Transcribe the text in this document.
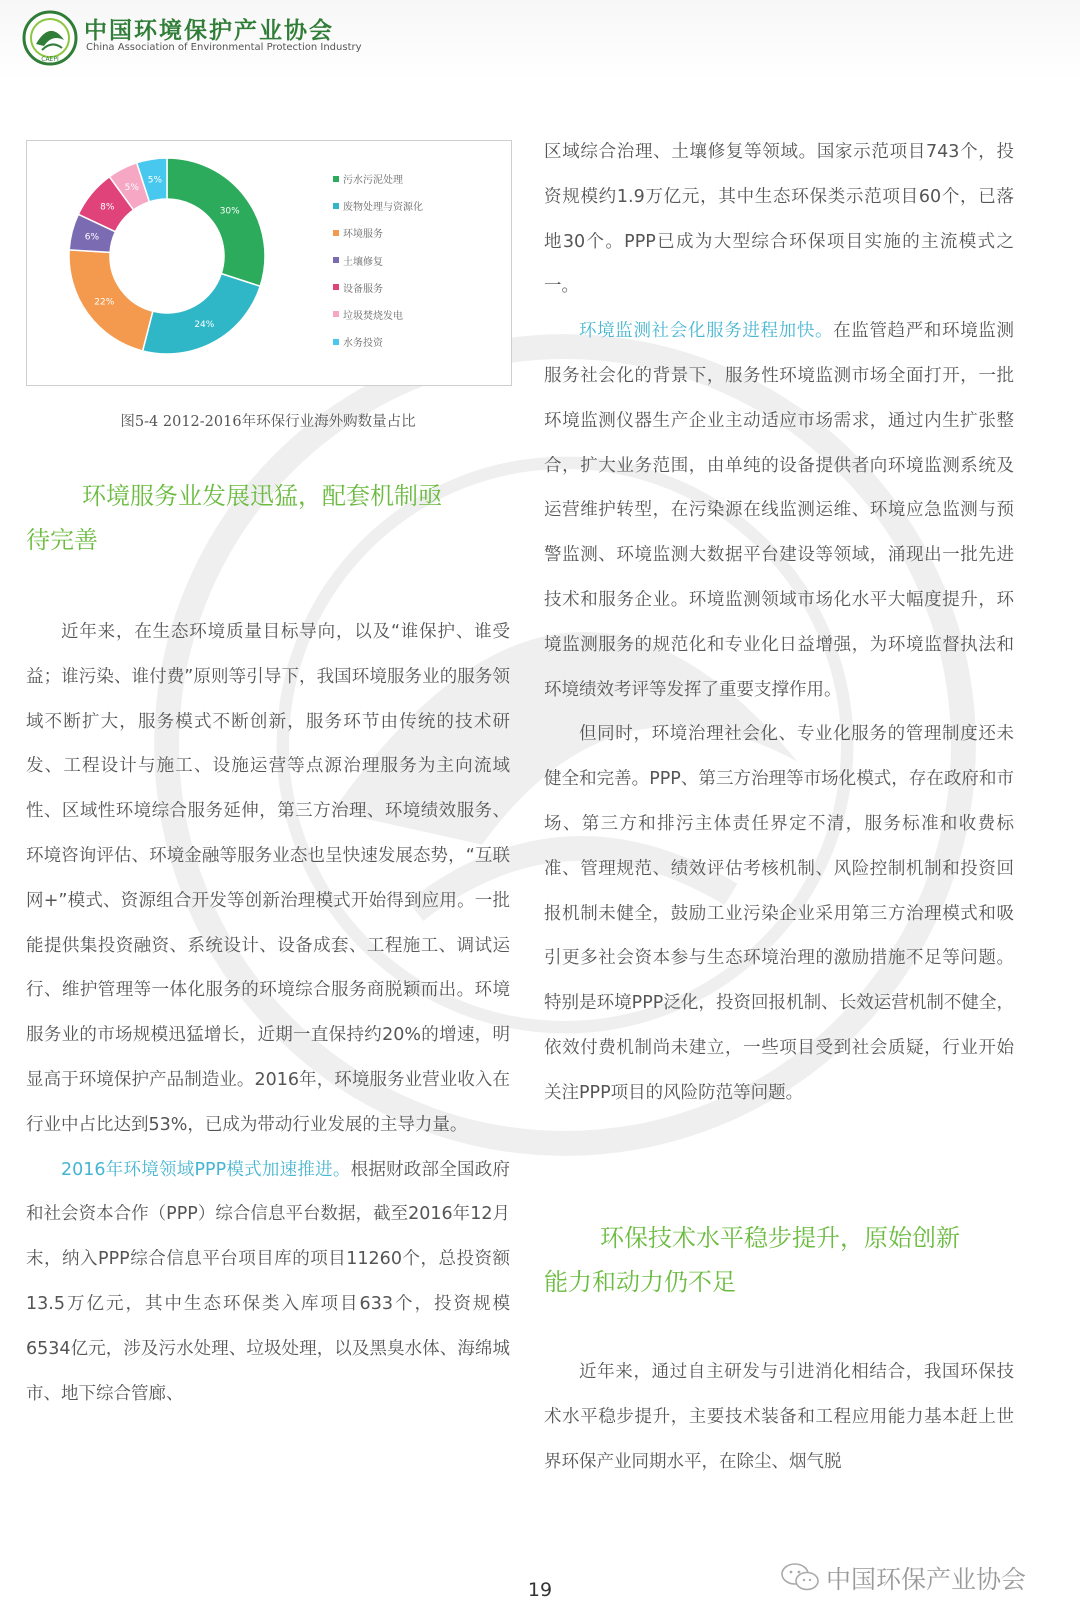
CAEPI
中国环境保护产业协会
China Association of Environmental Protection Industry
30%
24%
22%
6%
8%
5%
5%	污水污泥处理
废物处理与资源化
环境服务
土壤修复
设备服务
垃圾焚烧发电
水务投资
图5-4 2012-2016年环保行业海外购数量占比
环境服务业发展迅猛，配套机制亟
待完善

近年来，在生态环境质量目标导向，以及“谁保护、谁受益；谁污染、谁付费”原则等引导下，我国环境服务业的服务领域不断扩大，服务模式不断创新，服务环节由传统的技术研发、工程设计与施工、设施运营等点源治理服务为主向流域性、区域性环境综合服务延伸，第三方治理、环境绩效服务、环境咨询评估、环境金融等服务业态也呈快速发展态势，“互联网+”模式、资源组合开发等创新治理模式开始得到应用。一批能提供集投资融资、系统设计、设备成套、工程施工、调试运行、维护管理等一体化服务的环境综合服务商脱颖而出。环境服务业的市场规模迅猛增长，近期一直保持约20%的增速，明显高于环境保护产品制造业。2016年，环境服务业营业收入在行业中占比达到53%，已成为带动行业发展的主导力量。

2016年环境领域PPP模式加速推进。根据财政部全国政府和社会资本合作（PPP）综合信息平台数据，截至2016年12月末，纳入PPP综合信息平台项目库的项目11260个，总投资额13.5万亿元，其中生态环保类入库项目633个，投资规模6534亿元，涉及污水处理、垃圾处理，以及黑臭水体、海绵城市、地下综合管廊、

区域综合治理、土壤修复等领域。国家示范项目743个，投资规模约1.9万亿元，其中生态环保类示范项目60个，已落地30个。PPP已成为大型综合环保项目实施的主流模式之一。

环境监测社会化服务进程加快。在监管趋严和环境监测服务社会化的背景下，服务性环境监测市场全面打开，一批环境监测仪器生产企业主动适应市场需求，通过内生扩张整合，扩大业务范围，由单纯的设备提供者向环境监测系统及运营维护转型，在污染源在线监测运维、环境应急监测与预警监测、环境监测大数据平台建设等领域，涌现出一批先进技术和服务企业。环境监测领域市场化水平大幅度提升，环境监测服务的规范化和专业化日益增强，为环境监督执法和环境绩效考评等发挥了重要支撑作用。

但同时，环境治理社会化、专业化服务的管理制度还未健全和完善。PPP、第三方治理等市场化模式，存在政府和市场、第三方和排污主体责任界定不清，服务标准和收费标准、管理规范、绩效评估考核机制、风险控制机制和投资回报机制未健全，鼓励工业污染企业采用第三方治理模式和吸引更多社会资本参与生态环境治理的激励措施不足等问题。特别是环境PPP泛化，投资回报机制、长效运营机制不健全，依效付费机制尚未建立，一些项目受到社会质疑，行业开始关注PPP项目的风险防范等问题。

环保技术水平稳步提升，原始创新
能力和动力仍不足

近年来，通过自主研发与引进消化相结合，我国环保技术水平稳步提升，主要技术装备和工程应用能力基本赶上世界环保产业同期水平，在除尘、烟气脱

19	中国环保产业协会
